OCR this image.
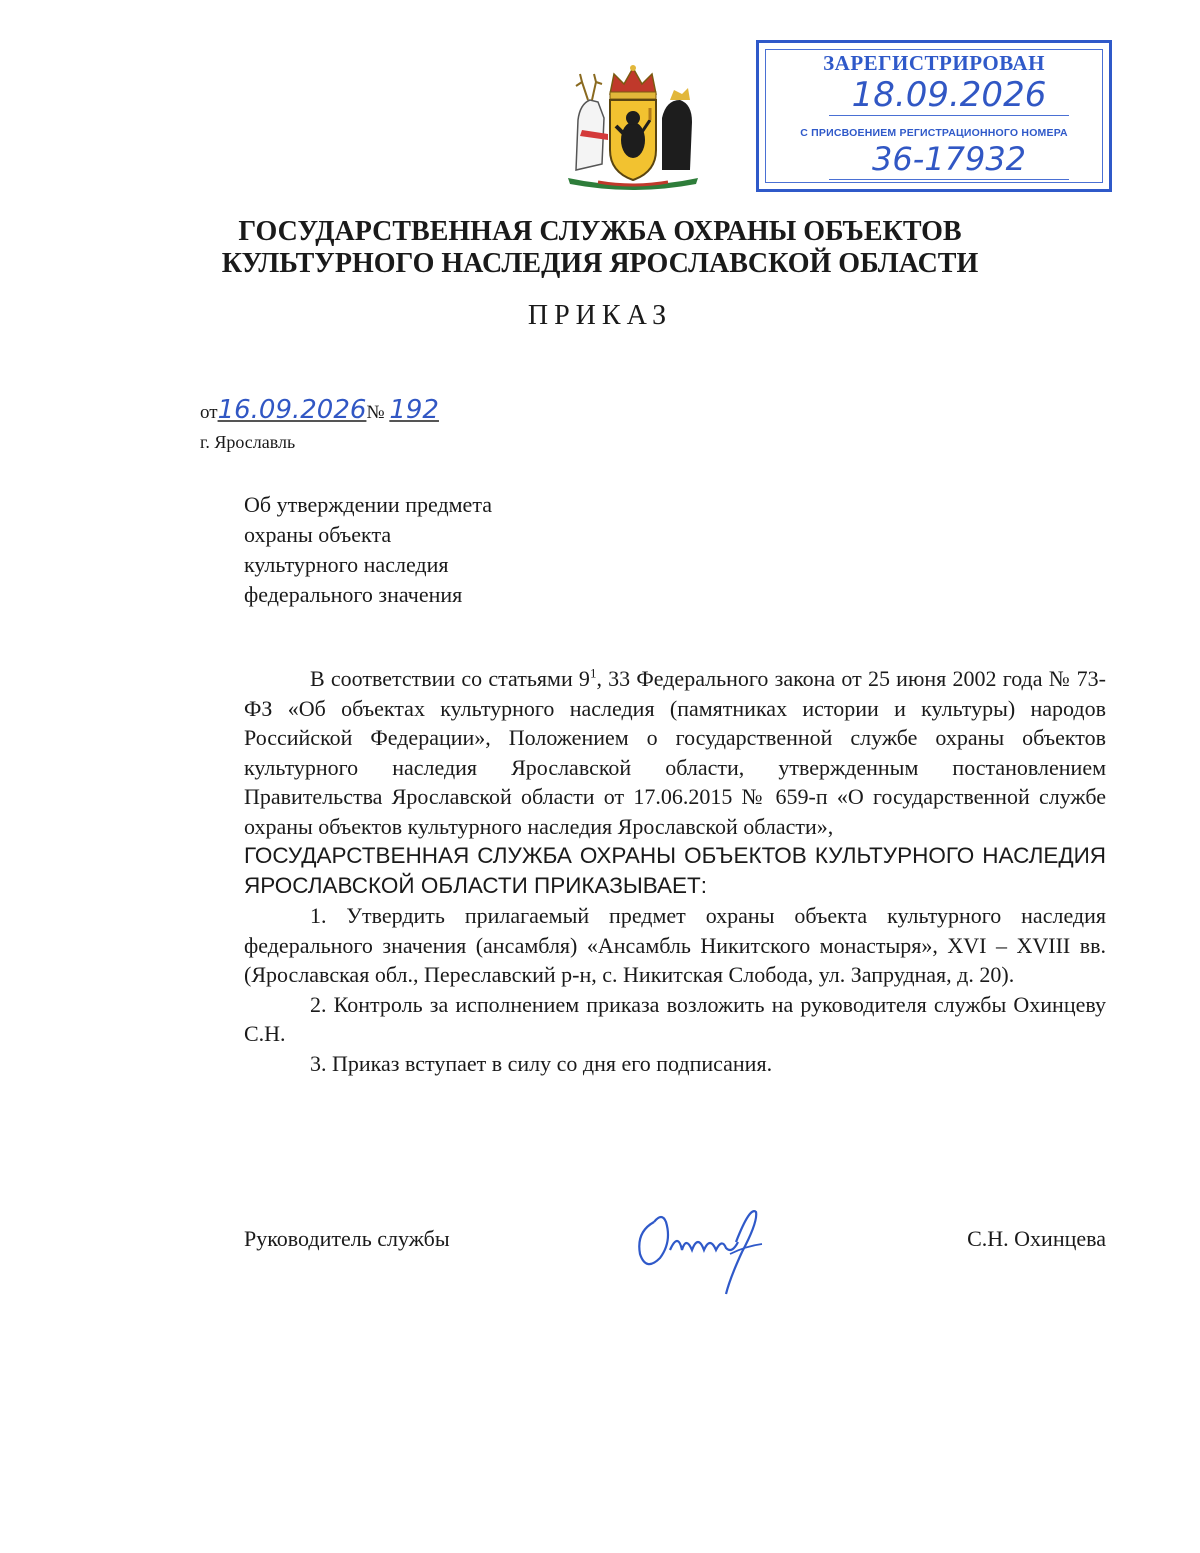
ЗАРЕГИСТРИРОВАН
18.09.2026
С ПРИСВОЕНИЕМ РЕГИСТРАЦИОННОГО НОМЕРА
36-17932
ГОСУДАРСТВЕННАЯ СЛУЖБА ОХРАНЫ ОБЪЕКТОВ
КУЛЬТУРНОГО НАСЛЕДИЯ ЯРОСЛАВСКОЙ ОБЛАСТИ
ПРИКАЗ
от16.09.2026№ 192
г. Ярославль
Об утверждении предмета
охраны объекта
культурного наследия
федерального значения

В соответствии со статьями $9^1$, 33 Федерального закона от 25 июня 2002 года № 73-ФЗ «Об объектах культурного наследия (памятниках истории и культуры) народов Российской Федерации», Положением о государственной службе охраны объектов культурного наследия Ярославской области, утвержденным постановлением Правительства Ярославской области от 17.06.2015 № 659-п «О государственной службе охраны объектов культурного наследия Ярославской области»,

ГОСУДАРСТВЕННАЯ СЛУЖБА ОХРАНЫ ОБЪЕКТОВ КУЛЬТУРНОГО НАСЛЕДИЯ ЯРОСЛАВСКОЙ ОБЛАСТИ ПРИКАЗЫВАЕТ:

1. Утвердить прилагаемый предмет охраны объекта культурного наследия федерального значения (ансамбля) «Ансамбль Никитского монастыря», XVI – XVIII вв. (Ярославская обл., Переславский р-н, с. Никитская Слобода, ул. Запрудная, д. 20).

2. Контроль за исполнением приказа возложить на руководителя службы Охинцеву С.Н.

3. Приказ вступает в силу со дня его подписания.

Руководитель службы	С.Н. Охинцева
